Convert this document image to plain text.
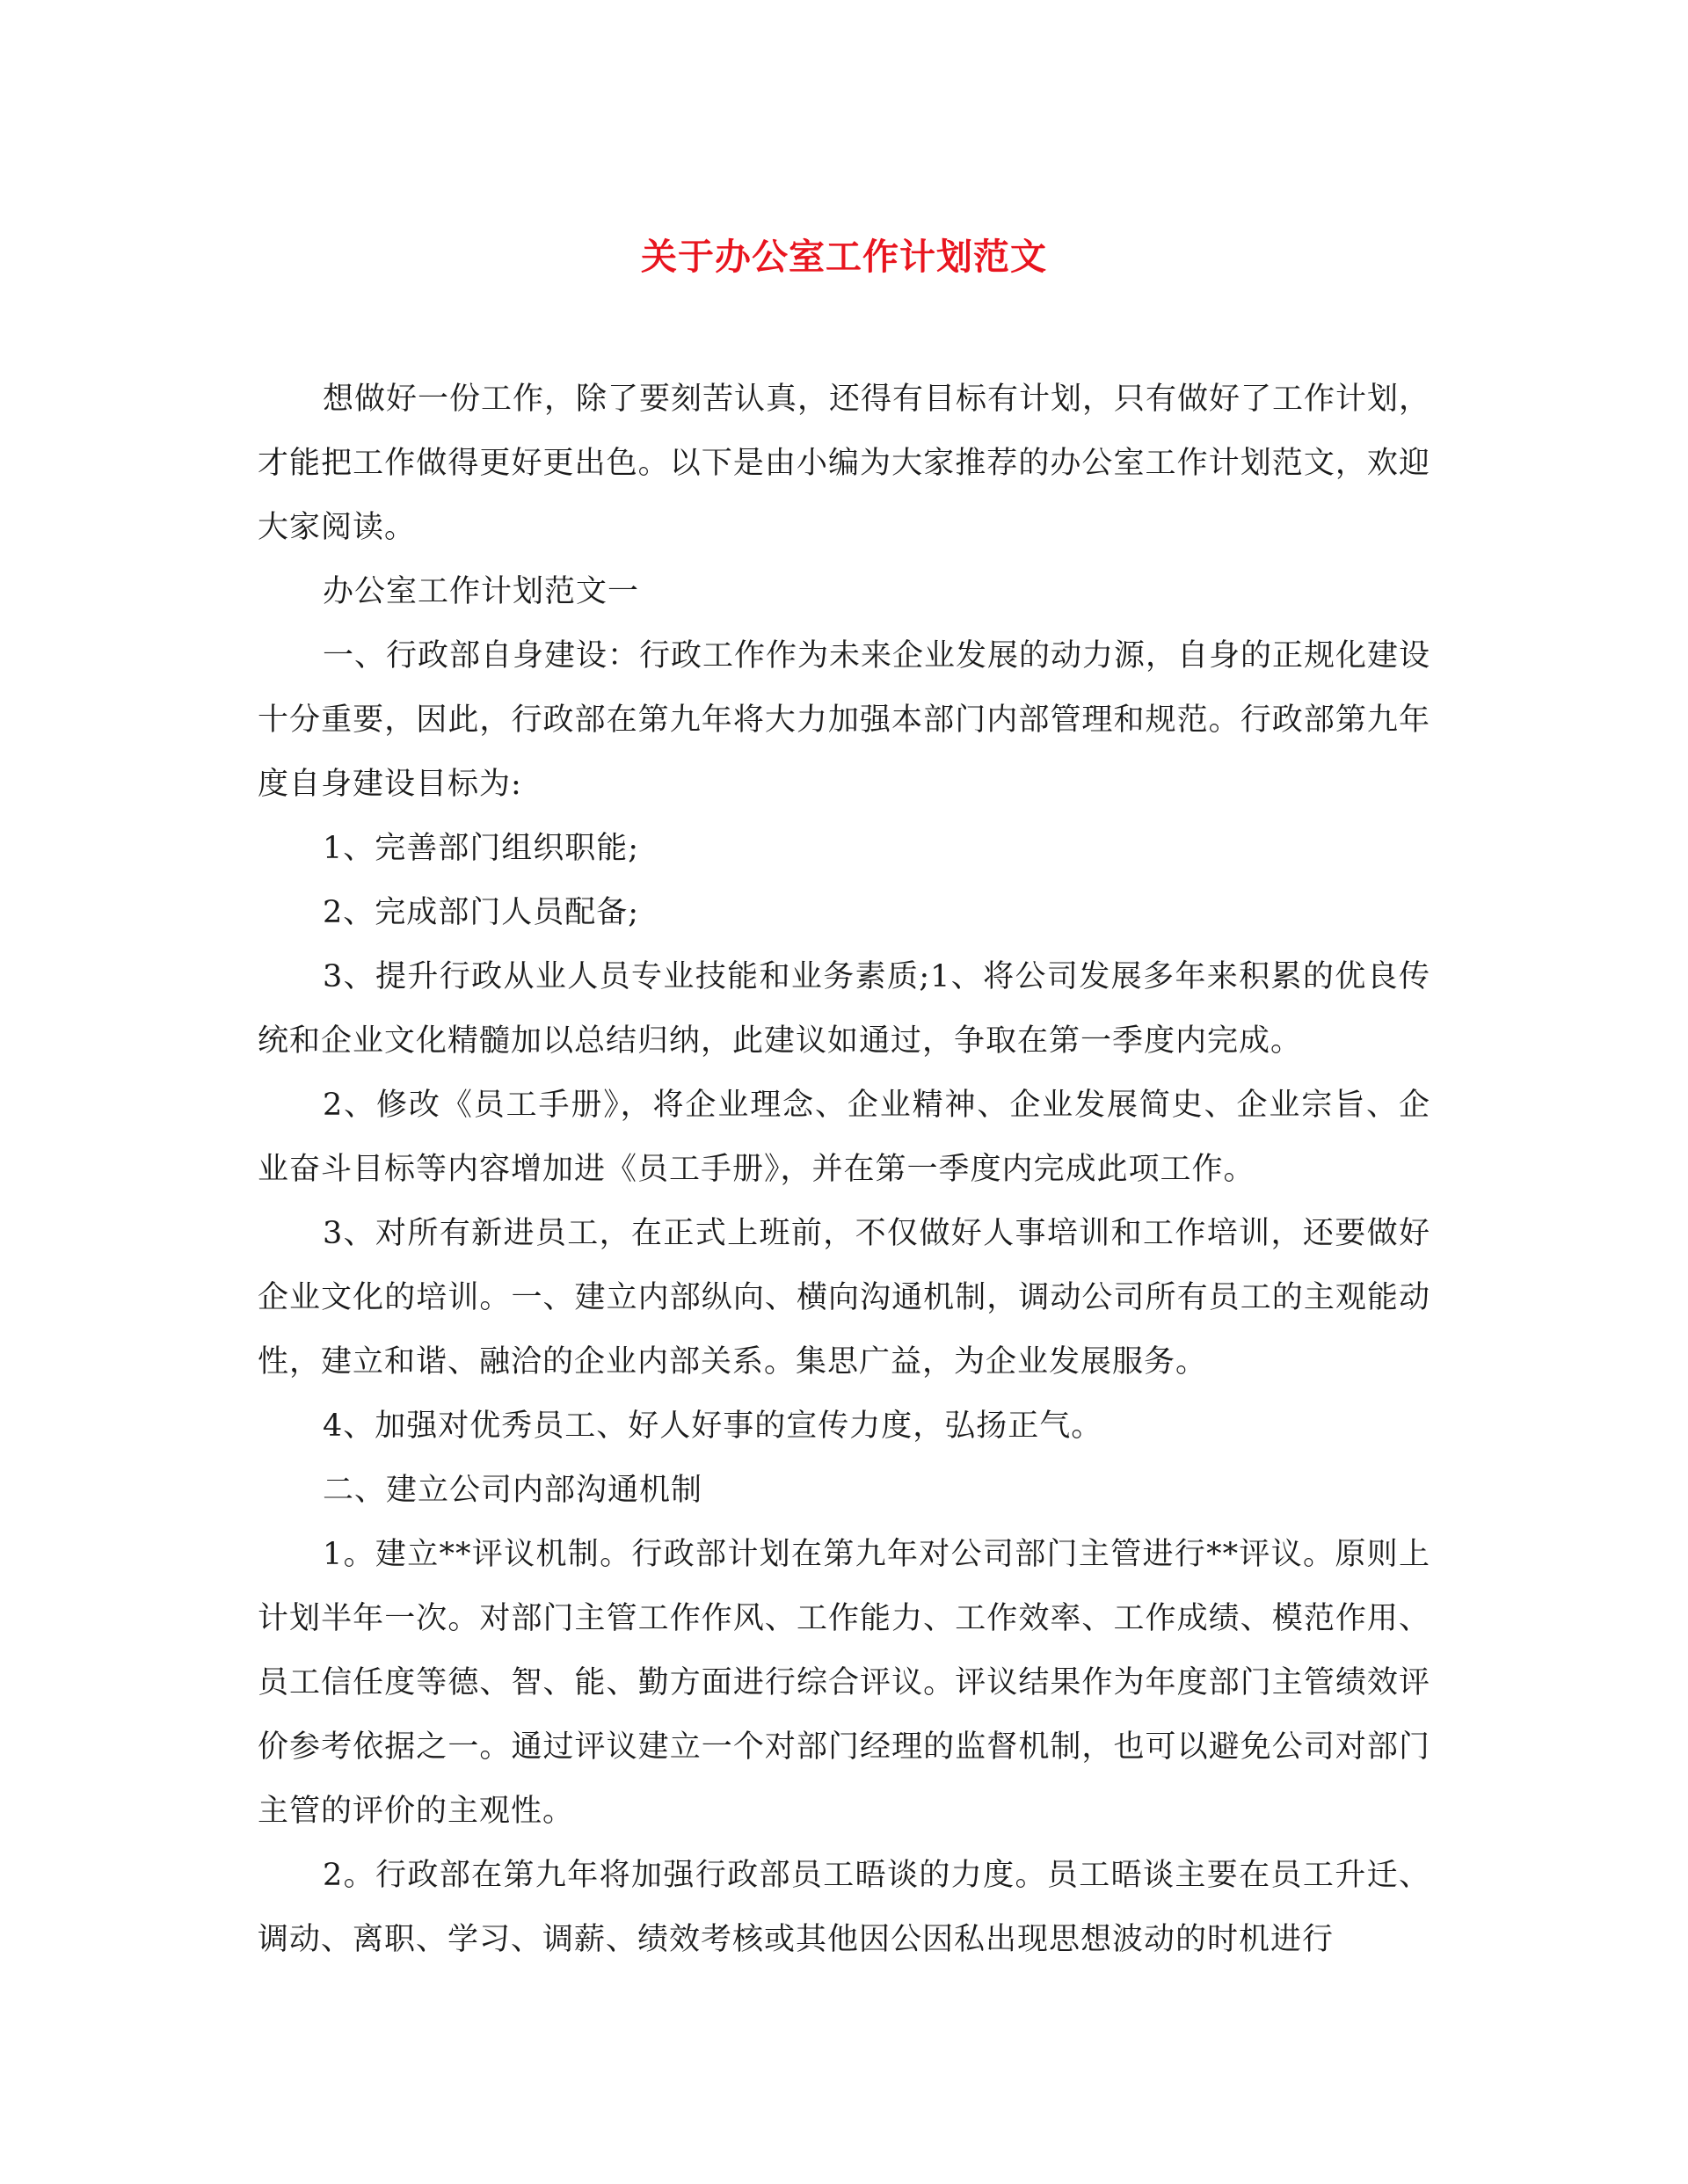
关于办公室工作计划范文

想做好一份工作，除了要刻苦认真，还得有目标有计划，只有做好了工作计划，才能把工作做得更好更出色。以下是由小编为大家推荐的办公室工作计划范文，欢迎大家阅读。

办公室工作计划范文一

一、行政部自身建设：行政工作作为未来企业发展的动力源，自身的正规化建设十分重要，因此，行政部在第九年将大力加强本部门内部管理和规范。行政部第九年度自身建设目标为:

1、完善部门组织职能;

2、完成部门人员配备;

3、提升行政从业人员专业技能和业务素质;1、将公司发展多年来积累的优良传统和企业文化精髓加以总结归纳，此建议如通过，争取在第一季度内完成。

2、修改《员工手册》，将企业理念、企业精神、企业发展简史、企业宗旨、企业奋斗目标等内容增加进《员工手册》，并在第一季度内完成此项工作。

3、对所有新进员工，在正式上班前，不仅做好人事培训和工作培训，还要做好企业文化的培训。一、建立内部纵向、横向沟通机制，调动公司所有员工的主观能动性，建立和谐、融洽的企业内部关系。集思广益，为企业发展服务。

4、加强对优秀员工、好人好事的宣传力度，弘扬正气。

二、建立公司内部沟通机制

1。建立**评议机制。行政部计划在第九年对公司部门主管进行**评议。原则上计划半年一次。对部门主管工作作风、工作能力、工作效率、工作成绩、模范作用、员工信任度等德、智、能、勤方面进行综合评议。评议结果作为年度部门主管绩效评价参考依据之一。通过评议建立一个对部门经理的监督机制，也可以避免公司对部门主管的评价的主观性。

2。行政部在第九年将加强行政部员工晤谈的力度。员工晤谈主要在员工升迁、调动、离职、学习、调薪、绩效考核或其他因公因私出现思想波动的时机进行
